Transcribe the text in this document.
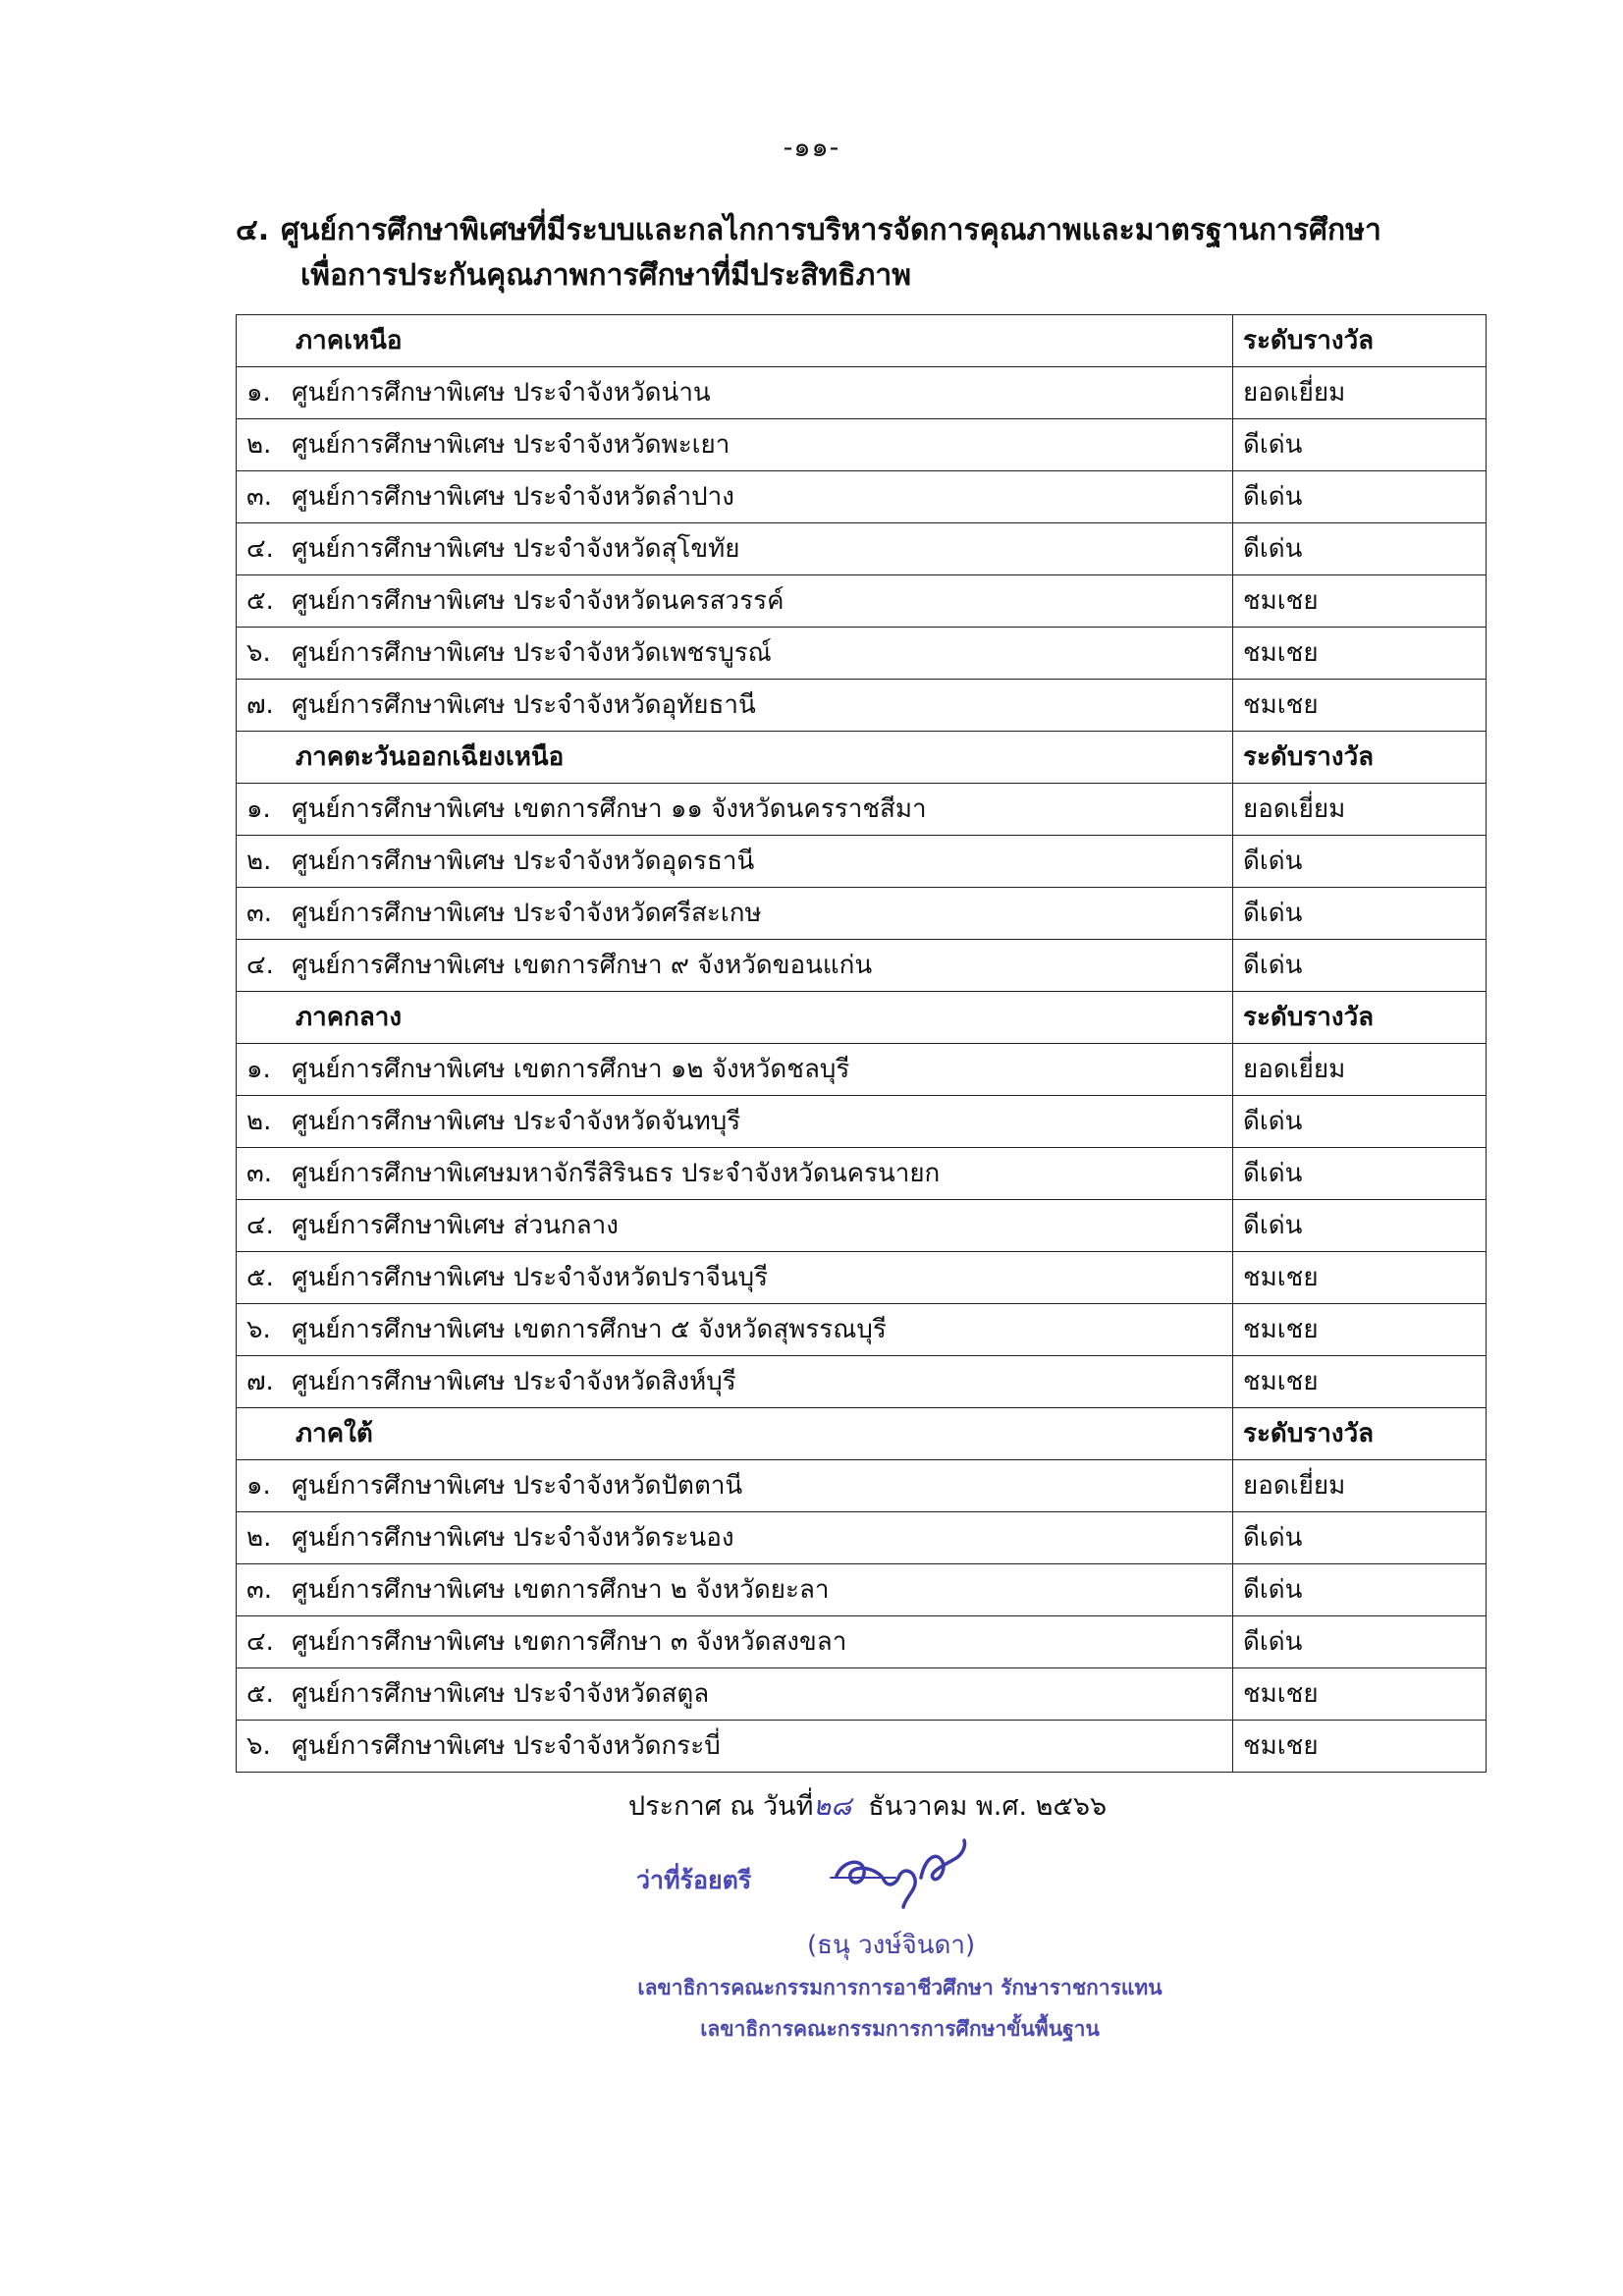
-๑๑-
๔. ศูนย์การศึกษาพิเศษที่มีระบบและกลไกการบริหารจัดการคุณภาพและมาตรฐานการศึกษา
เพื่อการประกันคุณภาพการศึกษาที่มีประสิทธิภาพ
ภาคเหนือ	ระดับรางวัล
๑. ศูนย์การศึกษาพิเศษ ประจำจังหวัดน่าน	ยอดเยี่ยม
๒. ศูนย์การศึกษาพิเศษ ประจำจังหวัดพะเยา	ดีเด่น
๓. ศูนย์การศึกษาพิเศษ ประจำจังหวัดลำปาง	ดีเด่น
๔. ศูนย์การศึกษาพิเศษ ประจำจังหวัดสุโขทัย	ดีเด่น
๕. ศูนย์การศึกษาพิเศษ ประจำจังหวัดนครสวรรค์	ชมเชย
๖. ศูนย์การศึกษาพิเศษ ประจำจังหวัดเพชรบูรณ์	ชมเชย
๗. ศูนย์การศึกษาพิเศษ ประจำจังหวัดอุทัยธานี	ชมเชย
ภาคตะวันออกเฉียงเหนือ	ระดับรางวัล
๑. ศูนย์การศึกษาพิเศษ เขตการศึกษา ๑๑ จังหวัดนครราชสีมา	ยอดเยี่ยม
๒. ศูนย์การศึกษาพิเศษ ประจำจังหวัดอุดรธานี	ดีเด่น
๓. ศูนย์การศึกษาพิเศษ ประจำจังหวัดศรีสะเกษ	ดีเด่น
๔. ศูนย์การศึกษาพิเศษ เขตการศึกษา ๙ จังหวัดขอนแก่น	ดีเด่น
ภาคกลาง	ระดับรางวัล
๑. ศูนย์การศึกษาพิเศษ เขตการศึกษา ๑๒ จังหวัดชลบุรี	ยอดเยี่ยม
๒. ศูนย์การศึกษาพิเศษ ประจำจังหวัดจันทบุรี	ดีเด่น
๓. ศูนย์การศึกษาพิเศษมหาจักรีสิรินธร ประจำจังหวัดนครนายก	ดีเด่น
๔. ศูนย์การศึกษาพิเศษ ส่วนกลาง	ดีเด่น
๕. ศูนย์การศึกษาพิเศษ ประจำจังหวัดปราจีนบุรี	ชมเชย
๖. ศูนย์การศึกษาพิเศษ เขตการศึกษา ๕ จังหวัดสุพรรณบุรี	ชมเชย
๗. ศูนย์การศึกษาพิเศษ ประจำจังหวัดสิงห์บุรี	ชมเชย
ภาคใต้	ระดับรางวัล
๑. ศูนย์การศึกษาพิเศษ ประจำจังหวัดปัตตานี	ยอดเยี่ยม
๒. ศูนย์การศึกษาพิเศษ ประจำจังหวัดระนอง	ดีเด่น
๓. ศูนย์การศึกษาพิเศษ เขตการศึกษา ๒ จังหวัดยะลา	ดีเด่น
๔. ศูนย์การศึกษาพิเศษ เขตการศึกษา ๓ จังหวัดสงขลา	ดีเด่น
๕. ศูนย์การศึกษาพิเศษ ประจำจังหวัดสตูล	ชมเชย
๖. ศูนย์การศึกษาพิเศษ ประจำจังหวัดกระบี่	ชมเชย
ประกาศ ณ วันที่๒๘ ธันวาคม พ.ศ. ๒๕๖๖
ว่าที่ร้อยตรี
(ธนุ วงษ์จินดา)
เลขาธิการคณะกรรมการการอาชีวศึกษา รักษาราชการแทน
เลขาธิการคณะกรรมการการศึกษาขั้นพื้นฐาน
